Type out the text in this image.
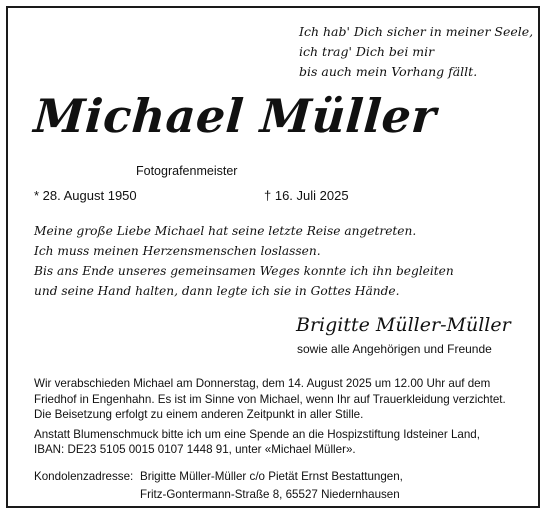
Ich hab' Dich sicher in meiner Seele,
ich trag' Dich bei mir
bis auch mein Vorhang fällt.
Michael Müller
Fotografenmeister
* 28. August 1950	† 16. Juli 2025
Meine große Liebe Michael hat seine letzte Reise angetreten.
Ich muss meinen Herzensmenschen loslassen.
Bis ans Ende unseres gemeinsamen Weges konnte ich ihn begleiten
und seine Hand halten, dann legte ich sie in Gottes Hände.
Brigitte Müller-Müller
sowie alle Angehörigen und Freunde
Wir verabschieden Michael am Donnerstag, dem 14. August 2025 um 12.00 Uhr auf dem
Friedhof in Engenhahn. Es ist im Sinne von Michael, wenn Ihr auf Trauerkleidung verzichtet.
Die Beisetzung erfolgt zu einem anderen Zeitpunkt in aller Stille.
Anstatt Blumenschmuck bitte ich um eine Spende an die Hospizstiftung Idsteiner Land,
IBAN: DE23 5105 0015 0107 1448 91, unter «Michael Müller».
Kondolenzadresse: Brigitte Müller-Müller c/o Pietät Ernst Bestattungen,
Fritz-Gontermann-Straße 8, 65527 Niedernhausen
